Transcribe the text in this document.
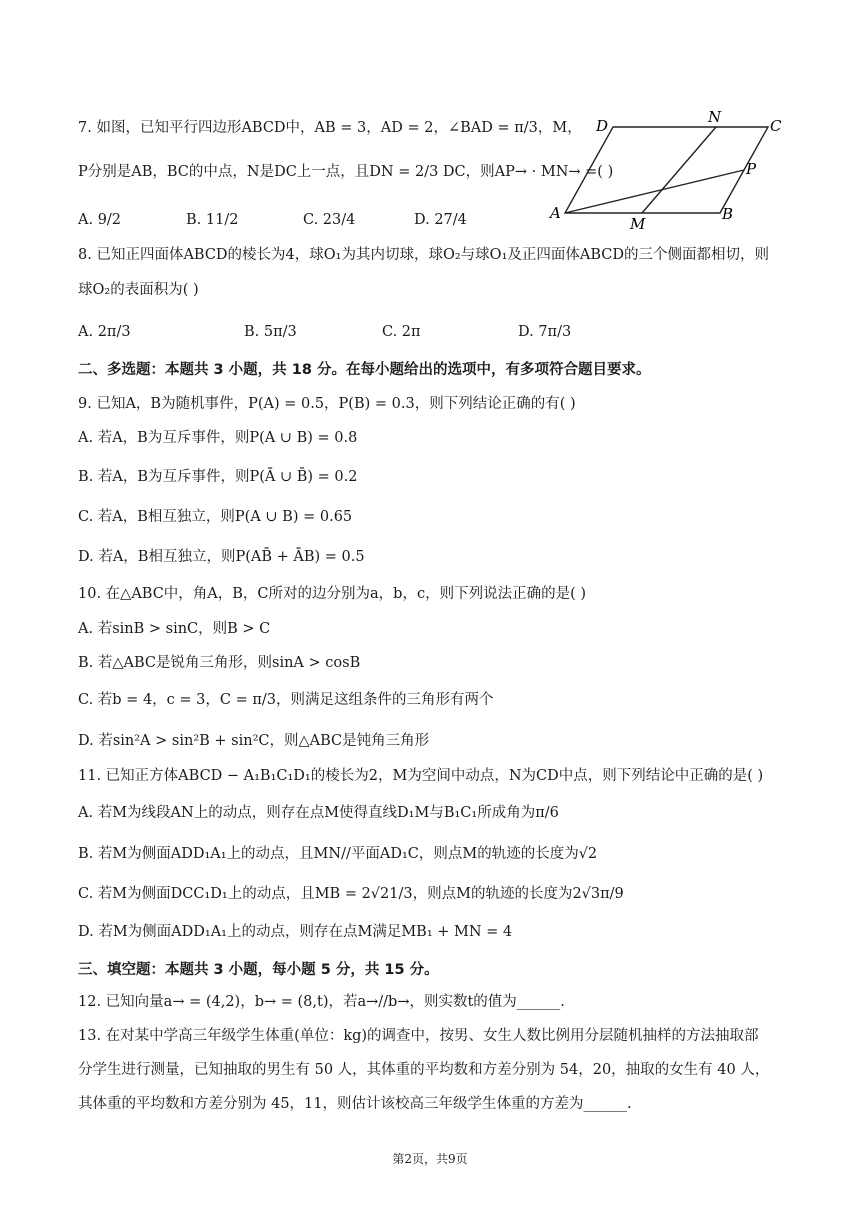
7. 如图，已知平行四边形ABCD中，AB = 3，AD = 2，∠BAD = π/3，M，
P分别是AB，BC的中点，N是DC上一点，且DN = 2/3 DC，则AP→ · MN→ =( )
A. 9/2	B. 11/2	C. 23/4	D. 27/4	A	B
C
D
M
N
P
8. 已知正四面体ABCD的棱长为4，球O₁为其内切球，球O₂与球O₁及正四面体ABCD的三个侧面都相切，则
球O₂的表面积为( )
A. 2π/3	B. 5π/3	C. 2π	D. 7π/3
二、多选题：本题共 3 小题，共 18 分。在每小题给出的选项中，有多项符合题目要求。
9. 已知A，B为随机事件，P(A) = 0.5，P(B) = 0.3，则下列结论正确的有( )
A. 若A，B为互斥事件，则P(A ∪ B) = 0.8
B. 若A，B为互斥事件，则P(Ā ∪ B̄) = 0.2
C. 若A，B相互独立，则P(A ∪ B) = 0.65
D. 若A，B相互独立，则P(AB̄ + ĀB) = 0.5
10. 在△ABC中，角A，B，C所对的边分别为a，b，c，则下列说法正确的是( )
A. 若sinB > sinC，则B > C
B. 若△ABC是锐角三角形，则sinA > cosB
C. 若b = 4，c = 3，C = π/3，则满足这组条件的三角形有两个
D. 若sin²A > sin²B + sin²C，则△ABC是钝角三角形
11. 已知正方体ABCD − A₁B₁C₁D₁的棱长为2，M为空间中动点，N为CD中点，则下列结论中正确的是( )
A. 若M为线段AN上的动点，则存在点M使得直线D₁M与B₁C₁所成角为π/6
B. 若M为侧面ADD₁A₁上的动点，且MN//平面AD₁C，则点M的轨迹的长度为√2
C. 若M为侧面DCC₁D₁上的动点，且MB = 2√21/3，则点M的轨迹的长度为2√3π/9
D. 若M为侧面ADD₁A₁上的动点，则存在点M满足MB₁ + MN = 4
三、填空题：本题共 3 小题，每小题 5 分，共 15 分。
12. 已知向量a→ = (4,2)，b→ = (8,t)，若a→//b→，则实数t的值为______.
13. 在对某中学高三年级学生体重(单位：kg)的调查中，按男、女生人数比例用分层随机抽样的方法抽取部
分学生进行测量，已知抽取的男生有 50 人，其体重的平均数和方差分别为 54，20，抽取的女生有 40 人，
其体重的平均数和方差分别为 45，11，则估计该校高三年级学生体重的方差为______.
第2页，共9页
